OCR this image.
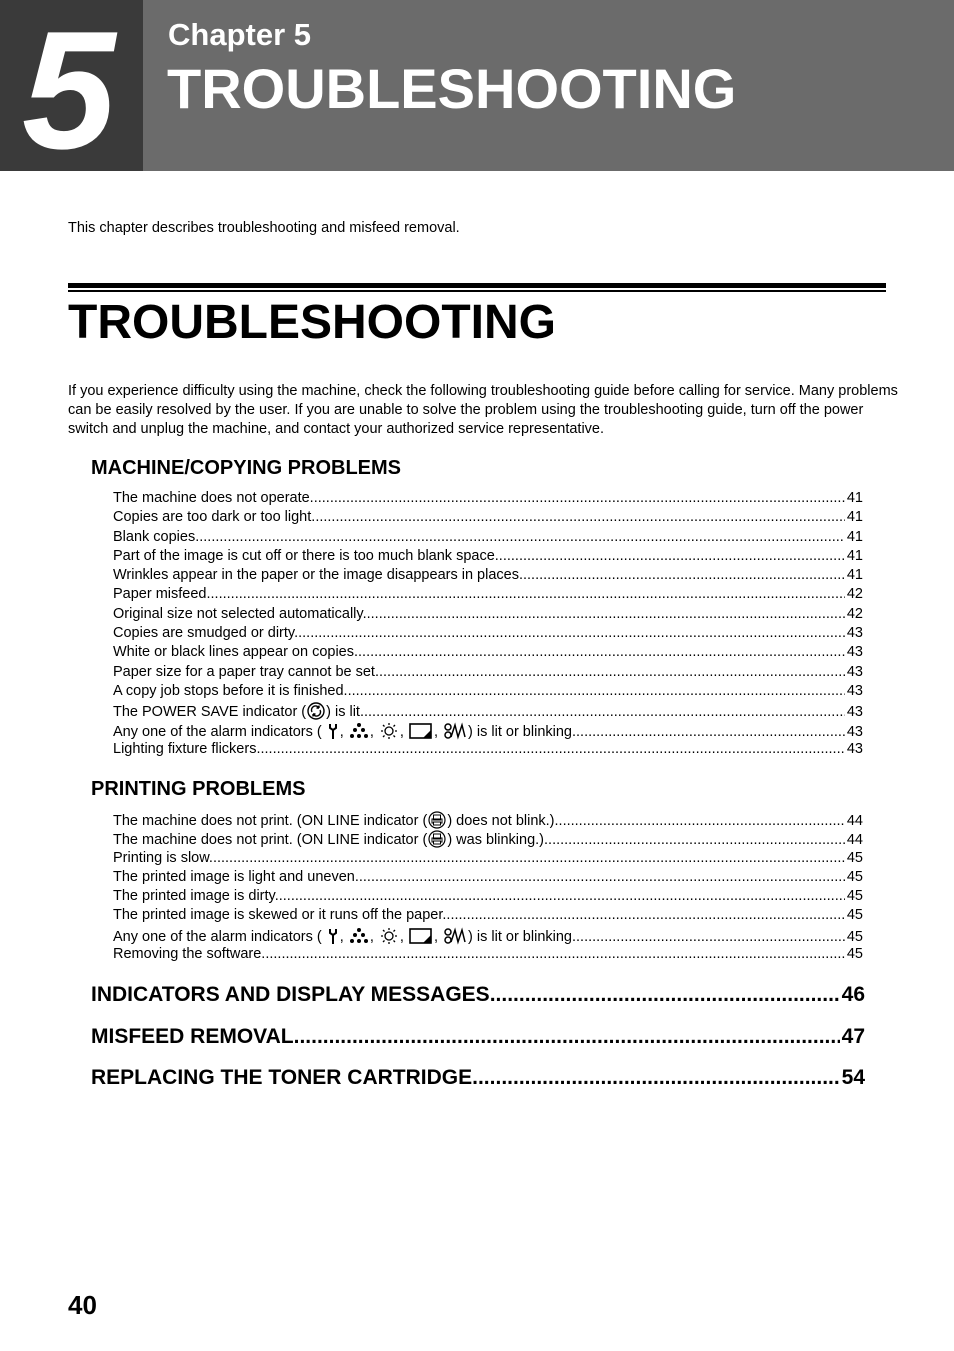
5 Chapter 5
TROUBLESHOOTING
This chapter describes troubleshooting and misfeed removal.
TROUBLESHOOTING
If you experience difficulty using the machine, check the following troubleshooting guide before calling for service. Many problems can be easily resolved by the user. If you are unable to solve the problem using the troubleshooting guide, turn off the power switch and unplug the machine, and contact your authorized service representative.
MACHINE/COPYING PROBLEMS
The machine does not operate. .....	41
Copies are too dark or too light. .....	41
Blank copies. .....	41
Part of the image is cut off or there is too much blank space. .....	41
Wrinkles appear in the paper or the image disappears in places. .....	41
Paper misfeed. .....	42
Original size not selected automatically. .....	42
Copies are smudged or dirty. .....	43
White or black lines appear on copies. .....	43
Paper size for a paper tray cannot be set. .....	43
A copy job stops before it is finished. .....	43
The POWER SAVE indicator ( ) is lit. .....	43
Any one of the alarm indicators ( , , , , ) is lit or blinking. .....	43
Lighting fixture flickers. .....	43
PRINTING PROBLEMS
The machine does not print. (ON LINE indicator ( ) does not blink.) .....	44
The machine does not print. (ON LINE indicator ( ) was blinking.) .....	44
Printing is slow. .....	45
The printed image is light and uneven. .....	45
The printed image is dirty. .....	45
The printed image is skewed or it runs off the paper. .....	45
Any one of the alarm indicators ( , , , , ) is lit or blinking. .....	45
Removing the software .....	45
INDICATORS AND DISPLAY MESSAGES .....	46
MISFEED REMOVAL .....	47
REPLACING THE TONER CARTRIDGE .....	54
40
